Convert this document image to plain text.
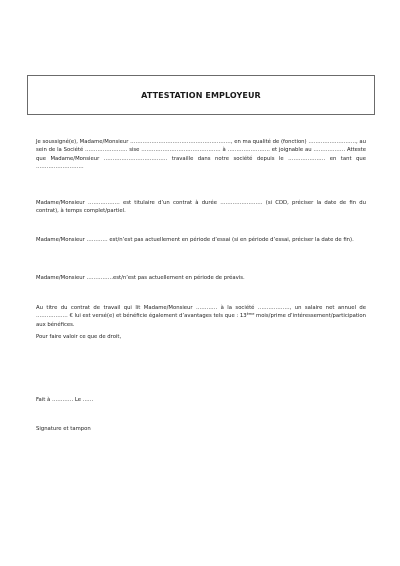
ATTESTATION EMPLOYEUR

Je soussigné(e), Madame/Monsieur …………………………………………………, en ma qualité de (fonction) ………………………, au sein de la Société …………………… sise ……………………………………… à …………………… et joignable au ……………… Atteste que Madame/Monsieur ……………………………… travaille dans notre société depuis le ………………… en tant que ………………………

Madame/Monsieur ……………… est titulaire d’un contrat à durée …………………… (si CDD, préciser la date de fin du contrat), à temps complet/partiel.

Madame/Monsieur ………… est/n’est pas actuellement en période d’essai (si en période d’essai, préciser la date de fin).

Madame/Monsieur ……………est/n’est pas actuellement en période de préavis.

Au titre du contrat de travail qui lit Madame/Monsieur ………… à la société ………………, un salaire net annuel de ……………… € lui est versé(e) et bénéficie également d’avantages tels que : 13ème mois/prime d’intéressement/participation aux bénéfices.

Pour faire valoir ce que de droit,

Fait à ………… Le ……

Signature et tampon
